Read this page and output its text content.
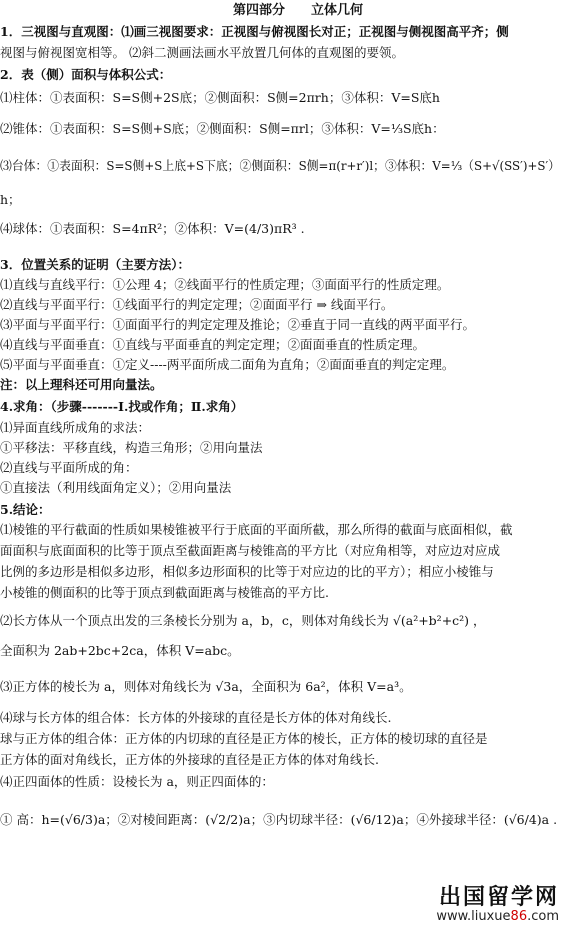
第四部分　　立体几何
1．三视图与直观图：⑴画三视图要求：正视图与俯视图长对正；正视图与侧视图高平齐；侧
视图与俯视图宽相等。 ⑵斜二测画法画水平放置几何体的直观图的要领。
2．表（侧）面积与体积公式：
⑴柱体：①表面积：S=S侧+2S底；②侧面积：S侧=2πrh；③体积：V=S底h
⑵锥体：①表面积：S=S侧+S底；②侧面积：S侧=πrl；③体积：V=⅓S底h：
⑶台体：①表面积：S=S侧+S上底+S下底；②侧面积：S侧=π(r+r′)l；③体积：V=⅓（S+√(SS′)+S′）
h；
⑷球体：①表面积：S=4πR²；②体积：V=(4/3)πR³ .
3．位置关系的证明（主要方法）：
⑴直线与直线平行：①公理 4；②线面平行的性质定理；③面面平行的性质定理。
⑵直线与平面平行：①线面平行的判定定理；②面面平行 ⇒ 线面平行。
⑶平面与平面平行：①面面平行的判定定理及推论；②垂直于同一直线的两平面平行。
⑷直线与平面垂直：①直线与平面垂直的判定定理；②面面垂直的性质定理。
⑸平面与平面垂直：①定义----两平面所成二面角为直角；②面面垂直的判定定理。
注：以上理科还可用向量法。
4.求角：（步骤-------Ⅰ.找或作角；Ⅱ.求角）
⑴异面直线所成角的求法：
①平移法：平移直线，构造三角形；②用向量法
⑵直线与平面所成的角：
①直接法（利用线面角定义）；②用向量法
5.结论：
⑴棱锥的平行截面的性质如果棱锥被平行于底面的平面所截，那么所得的截面与底面相似，截
面面积与底面面积的比等于顶点至截面距离与棱锥高的平方比（对应角相等，对应边对应成
比例的多边形是相似多边形，相似多边形面积的比等于对应边的比的平方）；相应小棱锥与
小棱锥的侧面积的比等于顶点到截面距离与棱锥高的平方比.
⑵长方体从一个顶点出发的三条棱长分别为 a，b，c，则体对角线长为 √(a²+b²+c²) ，
全面积为 2ab+2bc+2ca，体积 V=abc。
⑶正方体的棱长为 a，则体对角线长为 √3a，全面积为 6a²，体积 V=a³。
⑷球与长方体的组合体：长方体的外接球的直径是长方体的体对角线长.
球与正方体的组合体：正方体的内切球的直径是正方体的棱长，正方体的棱切球的直径是
正方体的面对角线长，正方体的外接球的直径是正方体的体对角线长.
⑷正四面体的性质：设棱长为 a，则正四面体的：
① 高：h=(√6/3)a；②对棱间距离：(√2/2)a；③内切球半径：(√6/12)a；④外接球半径：(√6/4)a .
出国留学网
www.liuxue86.com
